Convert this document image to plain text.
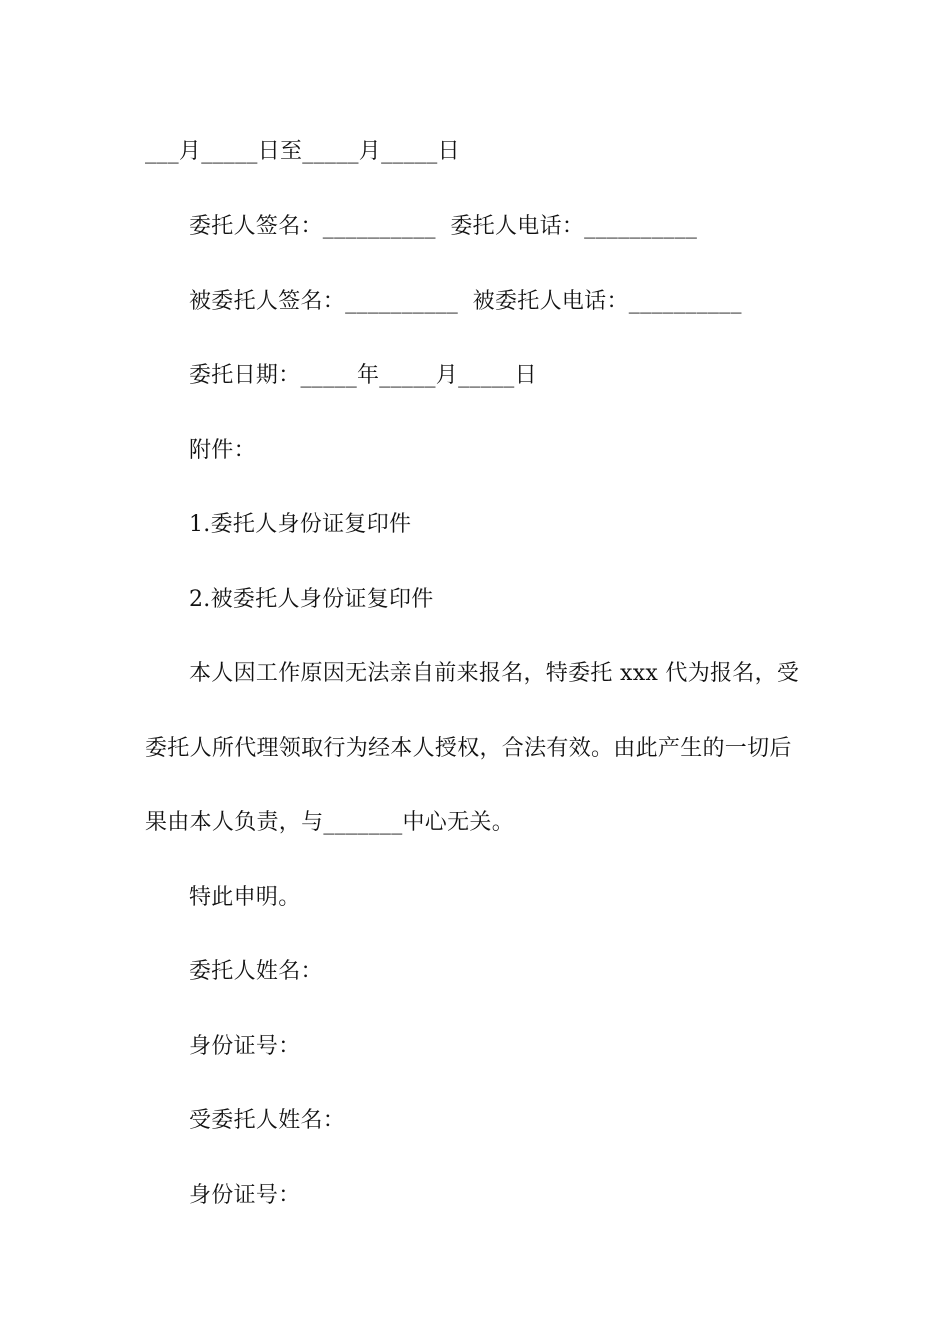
___月_____日至_____月_____日
委托人签名：__________  委托人电话：__________
被委托人签名：__________  被委托人电话：__________
委托日期：_____年_____月_____日
附件：
1.委托人身份证复印件
2.被委托人身份证复印件
本人因工作原因无法亲自前来报名，特委托 xxx 代为报名，受
委托人所代理领取行为经本人授权，合法有效。由此产生的一切后
果由本人负责，与_______中心无关。
特此申明。
委托人姓名：
身份证号：
受委托人姓名：
身份证号：
